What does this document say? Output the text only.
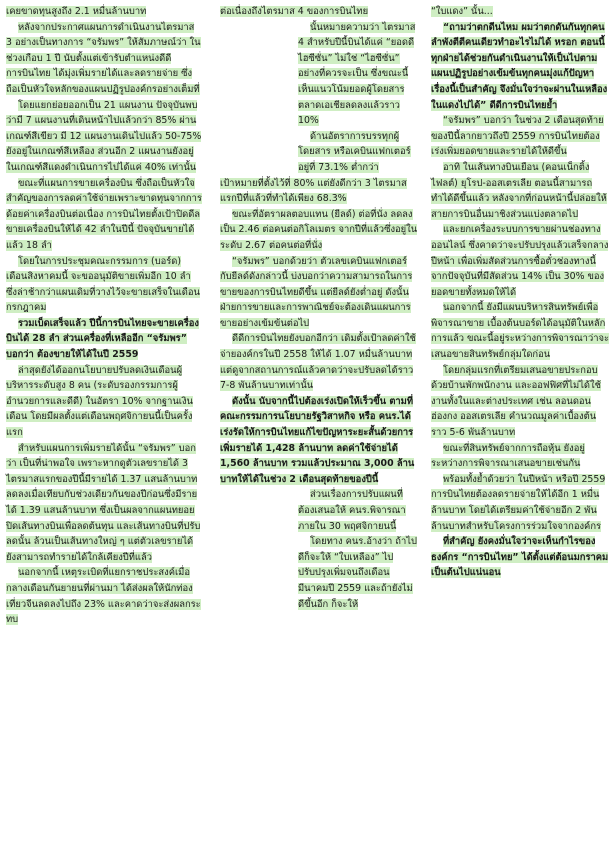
เคยขาดทุนสูงถึง 2.1 หมื่นล้านบาท

หลังจากประกาศแผนการดำเนินงานไตรมาส 3 อย่างเป็นทางการ “จรัมพร” ให้สัมภาษณ์ว่า ในช่วงเกือบ 1 ปี นับตั้งแต่เข้ารับตำแหน่งดีดีการบินไทย ได้มุ่งเพิ่มรายได้และลดรายจ่าย ซึ่งถือเป็นหัวใจหลักของแผนปฏิรูปองค์กรอย่างเต็มที่

โดยแยกย่อยออกเป็น 21 แผนงาน ปัจจุบันพบว่ามี 7 แผนงานที่เดินหน้าไปแล้วกว่า 85% ผ่านเกณฑ์สีเขียว มี 12 แผนงานเดินไปแล้ว 50-75% ยังอยู่ในเกณฑ์สีเหลือง ส่วนอีก 2 แผนงานยังอยู่ในเกณฑ์สีแดงดำเนินการไปได้แค่ 40% เท่านั้น

ขณะที่แผนการขายเครื่องบิน ซึ่งถือเป็นหัวใจสำคัญของการลดค่าใช้จ่ายเพราะขาดทุนจากการด้อยค่าเครื่องบินต่อเนื่อง การบินไทยตั้งเป้าปิดดีลขายเครื่องบินให้ได้ 42 ลำในปีนี้ ปัจจุบันขายได้แล้ว 18 ลำ

โดยในการประชุมคณะกรรมการ (บอร์ด) เดือนสิงหาคมนี้ จะขออนุมัติขายเพิ่มอีก 10 ลำ ซึ่งล่าช้ากว่าแผนเดิมที่วางไว้จะขายเสร็จในเดือนกรกฎาคม

รวมเบ็ดเสร็จแล้ว ปีนี้การบินไทยจะขายเครื่องบินได้ 28 ลำ ส่วนเครื่องที่เหลืออีก “จรัมพร” บอกว่า ต้องขายให้ได้ในปี 2559

ล่าสุดยังได้ออกนโยบายปรับลดเงินเดือนผู้บริหารระดับสูง 8 คน (ระดับรองกรรมการผู้อำนวยการและดีดี) ในอัตรา 10% จากฐานเงินเดือน โดยมีผลตั้งแต่เดือนพฤศจิกายนนี้เป็นครั้งแรก

สำหรับแผนการเพิ่มรายได้นั้น “จรัมพร” บอกว่า เป็นที่น่าพอใจ เพราะหากดูตัวเลขรายได้ 3 ไตรมาสแรกของปีนี้มีรายได้ 1.37 แสนล้านบาท ลดลงเมื่อเทียบกับช่วงเดียวกันของปีก่อนซึ่งมีรายได้ 1.39 แสนล้านบาท ซึ่งเป็นผลจากแผนทยอยปิดเส้นทางบินเพื่อลดต้นทุน และเส้นทางบินที่ปรับลดนั้น ล้วนเป็นเส้นทางใหญ่ ๆ แต่ตัวเลขรายได้ยังสามารถทำรายได้ใกล้เคียงปีที่แล้ว

นอกจากนี้ เหตุระเบิดที่แยกราชประสงค์เมื่อกลางเดือนกันยายนที่ผ่านมา ได้ส่งผลให้นักท่องเที่ยวจีนลดลงไปถึง 23% และคาดว่าจะส่งผลกระทบ

ต่อเนื่องถึงไตรมาส 4 ของการบินไทย

นั้นหมายความว่า ไตรมาส 4 สำหรับปีนี้บินได้แค่ “ยอดดีไฮซีซั่น” ไม่ใช่ “ไฮซีซั่น” อย่างที่ควรจะเป็น ซึ่งขณะนี้เห็นแนวโน้มยอดผู้โดยสารตลาดเอเชียลดลงแล้วราว 10%

ด้านอัตราการบรรทุกผู้โดยสาร หรือเคบินแฟกเตอร์อยู่ที่ 73.1% ต่ำกว่า

เป้าหมายที่ตั้งไว้ที่ 80% แต่ยังดีกว่า 3 ไตรมาสแรกปีที่แล้วที่ทำได้เพียง 68.3%

ขณะที่อัตราผลตอบแทน (ยีลด์) ต่อที่นั่ง ลดลงเป็น 2.46 ต่อคนต่อกิโลเมตร จากปีที่แล้วซึ่งอยู่ในระดับ 2.67 ต่อคนต่อที่นั่ง

“จรัมพร” บอกด้วยว่า ตัวเลขเคบินแฟกเตอร์กับยีลด์ดังกล่าวนี้ บ่งบอกว่าความสามารถในการขายของการบินไทยดีขึ้น แต่ยีลด์ยังต่ำอยู่ ดังนั้นฝ่ายการขายและการพาณิชย์จะต้องเดินแผนการขายอย่างเข้มข้นต่อไป

ดีดีการบินไทยยังบอกอีกว่า เดิมตั้งเป้าลดค่าใช้จ่ายองค์กรในปี 2558 ให้ได้ 1.07 หมื่นล้านบาท แต่ดูจากสถานการณ์แล้วคาดว่าจะปรับลดได้ราว 7-8 พันล้านบาทเท่านั้น

ดังนั้น นับจากนี้ไปต้องเร่งเปิดให้เร็วขึ้น ตามที่คณะกรรมการนโยบายรัฐวิสาหกิจ หรือ คนร.ได้เร่งรัดให้การบินไทยแก้ไขปัญหาระยะสั้นด้วยการเพิ่มรายได้ 1,428 ล้านบาท ลดค่าใช้จ่ายได้ 1,560 ล้านบาท รวมแล้วประมาณ 3,000 ล้านบาทให้ได้ในช่วง 2 เดือนสุดท้ายของปีนี้

ส่วนเรื่องการปรับแผนที่ต้องเสนอให้ คนร.พิจารณาภายใน 30 พฤศจิกายนนี้

โดยทาง คนร.อ้างว่า ถ้าไปดีก็จะให้ “ใบเหลือง” ไปปรับปรุงเพิ่มจนถึงเดือนมีนาคมปี 2559 และถ้ายังไม่ดีขึ้นอีก ก็จะให้

“ใบแดง” นั้น...

“ถามว่าตกดีนไหม ผมว่าตกดันกันทุกคน ลำพังตีตีคนเดียวทำอะไรไม่ได้ หรอก ตอนนี้ทุกฝ่ายได้ช่วยกันดำเนินงานให้เป็นไปตามแผนปฏิรูปอย่างเข้มข้นทุกคนมุ่งแก้ปัญหาเรื่องนี้เป็นสำคัญ จึงมั่นใจว่าจะผ่านในเหลืองในแดงไปได้” ดีดีการบินไทยย้ำ

“จรัมพร” บอกว่า ในช่วง 2 เดือนสุดท้ายของปีนี้ลากยาวถึงปี 2559 การบินไทยต้องเร่งเพิ่มยอดขายและรายได้ให้ดีขึ้น

อาทิ ในเส้นทางบินเยือน (คอนเน็กติ้งไฟลต์) ยุโรป-ออสเตรเลีย ตอนนี้สามารถทำได้ดีขึ้นแล้ว หลังจากที่ก่อนหน้านี้ปล่อยให้สายการบินอื่นมาชิงส่วนแบ่งตลาดไป

และยกเครื่องระบบการขายผ่านช่องทางออนไลน์ ซึ่งคาดว่าจะปรับปรุงแล้วเสร็จกลางปีหน้า เพื่อเพิ่มสัดส่วนการซื้อตั๋วช่องทางนี้ จากปัจจุบันที่มีสัดส่วน 14% เป็น 30% ของยอดขายทั้งหมดให้ได้

นอกจากนี้ ยังมีแผนบริหารสินทรัพย์เพื่อพิจารณาขาย เบื้องต้นบอร์ดได้อนุมัติในหลักการแล้ว ขณะนี้อยู่ระหว่างการพิจารณาว่าจะเสนอขายสินทรัพย์กลุ่มใดก่อน

โดยกลุ่มแรกที่เตรียมเสนอขายประกอบด้วยบ้านพักพนักงาน และออฟฟิศที่ไม่ได้ใช้งานทั้งในและต่างประเทศ เช่น ลอนดอน ฮ่องกง ออสเตรเลีย คำนวณมูลค่าเบื้องต้นราว 5-6 พันล้านบาท

ขณะที่สินทรัพย์จากการถือหุ้น ยังอยู่ระหว่างการพิจารณาเสนอขายเช่นกัน

พร้อมทั้งย้ำด้วยว่า ในปีหน้า หรือปี 2559 การบินไทยต้องลดรายจ่ายให้ได้อีก 1 หมื่นล้านบาท โดยได้เตรียมค่าใช้จ่ายอีก 2 พันล้านบาทสำหรับโครงการร่วมใจจากองค์กร

ที่สำคัญ ยังคงมั่นใจว่าจะเห็นกำไรของธงค์กร “การบินไทย” ได้ตั้งแต่ต้อนมกราคมเป็นต้นไปแน่นอน
